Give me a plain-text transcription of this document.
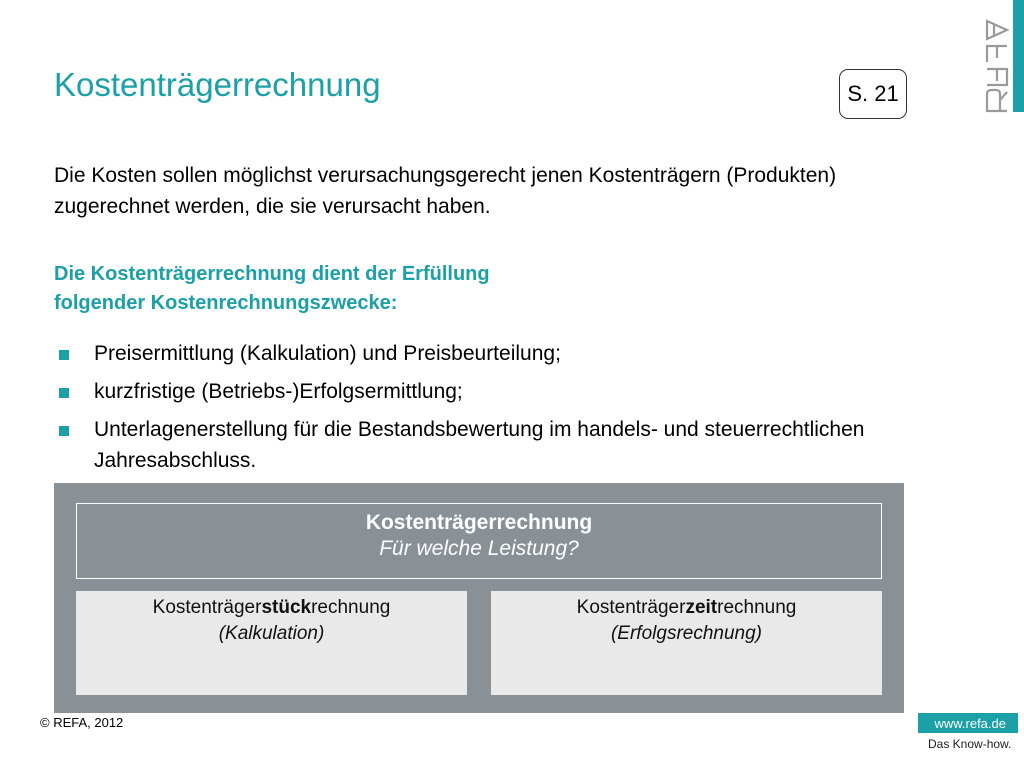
Kostenträgerrechnung	S. 21

Die Kosten sollen möglichst verursachungsgerecht jenen Kostenträgern (Produkten) zugerechnet werden, die sie verursacht haben.

Die Kostenträgerrechnung dient der Erfüllung
folgender Kostenrechnungszwecke:
Preisermittlung (Kalkulation) und Preisbeurteilung;
kurzfristige (Betriebs-)Erfolgsermittlung;
Unterlagenerstellung für die Bestandsbewertung im handels- und steuerrechtlichen Jahresabschluss.
Kostenträgerrechnung
Für welche Leistung?
Kostenträgerstückrechnung
(Kalkulation)
Kostenträgerzeitrechnung
(Erfolgsrechnung)
© REFA, 2012	www.refa.de
Das Know-how.
